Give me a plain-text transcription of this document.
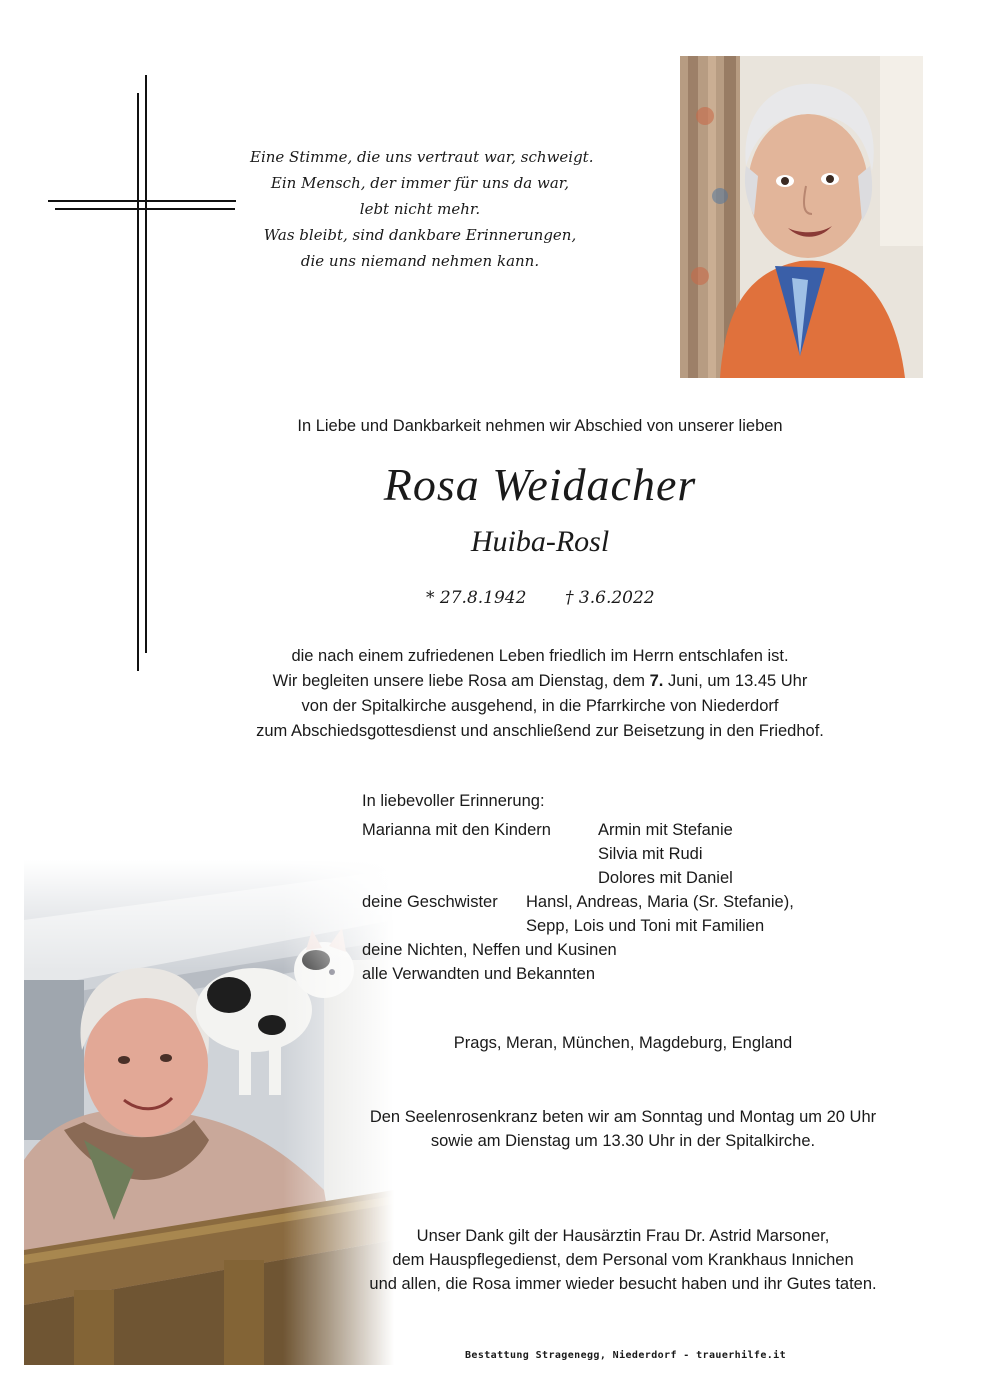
Eine Stimme, die uns vertraut war, schweigt.
Ein Mensch, der immer für uns da war,
lebt nicht mehr.
Was bleibt, sind dankbare Erinnerungen,
die uns niemand nehmen kann.
In Liebe und Dankbarkeit nehmen wir Abschied von unserer lieben
Rosa Weidacher
Huiba-Rosl
* 27.8.1942 † 3.6.2022
die nach einem zufriedenen Leben friedlich im Herrn entschlafen ist.
Wir begleiten unsere liebe Rosa am Dienstag, dem 7. Juni, um 13.45 Uhr
von der Spitalkirche ausgehend, in die Pfarrkirche von Niederdorf
zum Abschiedsgottesdienst und anschließend zur Beisetzung in den Friedhof.
In liebevoller Erinnerung:
Marianna mit den Kindern	Armin mit Stefanie
Silvia mit Rudi
Dolores mit Daniel
deine Geschwister Hansl, Andreas, Maria (Sr. Stefanie),
Sepp, Lois und Toni mit Familien
deine Nichten, Neffen und Kusinen
alle Verwandten und Bekannten
Prags, Meran, München, Magdeburg, England
Den Seelenrosenkranz beten wir am Sonntag und Montag um 20 Uhr
sowie am Dienstag um 13.30 Uhr in der Spitalkirche.
Unser Dank gilt der Hausärztin Frau Dr. Astrid Marsoner,
dem Hauspflegedienst, dem Personal vom Krankhaus Innichen
und allen, die Rosa immer wieder besucht haben und ihr Gutes taten.
Bestattung Stragenegg, Niederdorf - trauerhilfe.it
